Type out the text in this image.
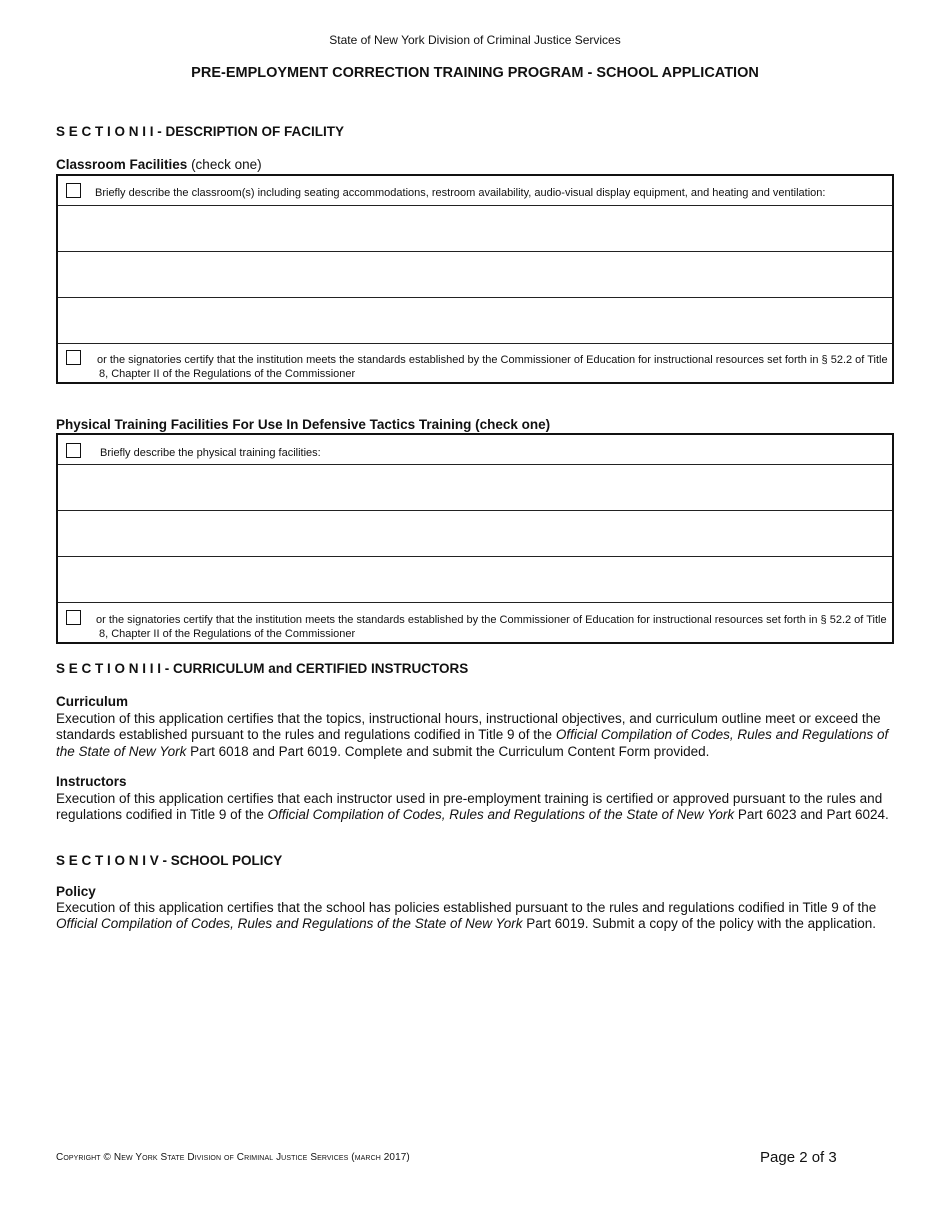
State of New York Division of Criminal Justice Services
PRE-EMPLOYMENT CORRECTION TRAINING PROGRAM - SCHOOL APPLICATION
S E C T I O N I I - DESCRIPTION OF FACILITY
Classroom Facilities (check one)
Briefly describe the classroom(s) including seating accommodations, restroom availability, audio-visual display equipment, and heating and ventilation:
or the signatories certify that the institution meets the standards established by the Commissioner of Education for instructional resources set forth in § 52.2 of Title
8, Chapter II of the Regulations of the Commissioner
Physical Training Facilities For Use In Defensive Tactics Training (check one)
Briefly describe the physical training facilities:
or the signatories certify that the institution meets the standards established by the Commissioner of Education for instructional resources set forth in § 52.2 of Title
8, Chapter II of the Regulations of the Commissioner
S E C T I O N I I I - CURRICULUM and CERTIFIED INSTRUCTORS
Curriculum
Execution of this application certifies that the topics, instructional hours, instructional objectives, and curriculum outline meet or exceed the standards established pursuant to the rules and regulations codified in Title 9 of the Official Compilation of Codes, Rules and Regulations of the State of New York Part 6018 and Part 6019. Complete and submit the Curriculum Content Form provided.
Instructors
Execution of this application certifies that each instructor used in pre-employment training is certified or approved pursuant to the rules and regulations codified in Title 9 of the Official Compilation of Codes, Rules and Regulations of the State of New York Part 6023 and Part 6024.
S E C T I O N I V - SCHOOL POLICY
Policy
Execution of this application certifies that the school has policies established pursuant to the rules and regulations codified in Title 9 of the Official Compilation of Codes, Rules and Regulations of the State of New York Part 6019. Submit a copy of the policy with the application.
Copyright © New York State Division of Criminal Justice Services (march 2017)	Page 2 of 3
